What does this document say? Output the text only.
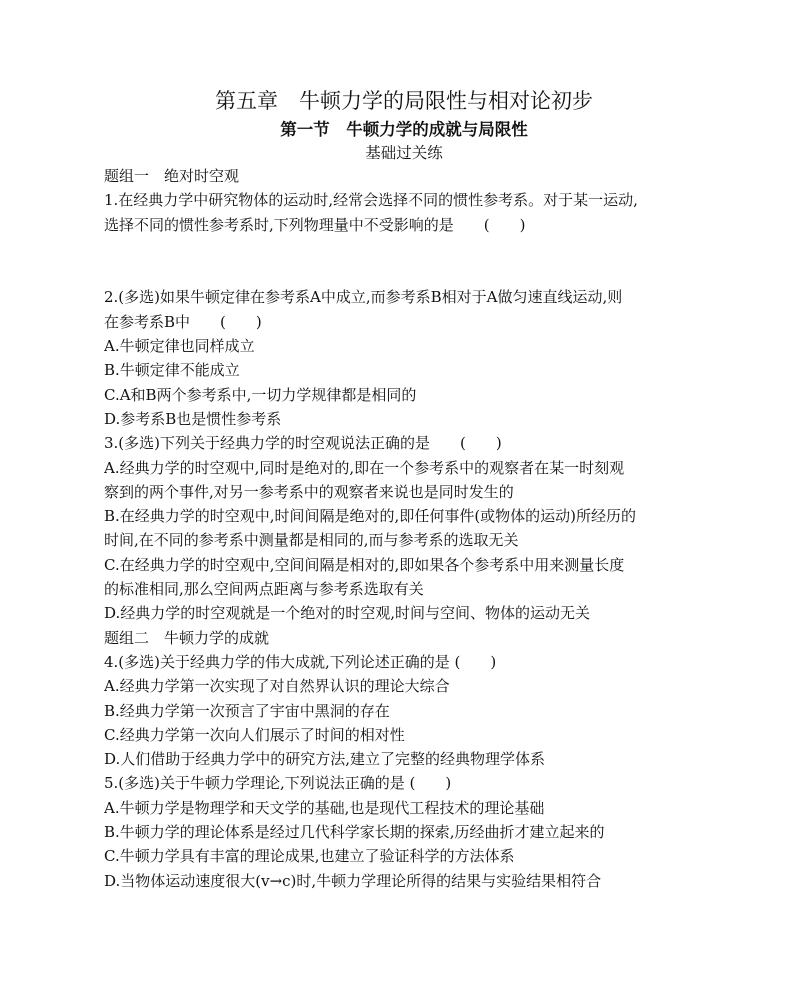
第五章　牛顿力学的局限性与相对论初步
第一节　牛顿力学的成就与局限性
基础过关练
题组一　绝对时空观
1.在经典力学中研究物体的运动时,经常会选择不同的惯性参考系。对于某一运动,
选择不同的惯性参考系时,下列物理量中不受影响的是　　(　　)

2.(多选)如果牛顿定律在参考系A中成立,而参考系B相对于A做匀速直线运动,则
在参考系B中　　(　　)
A.牛顿定律也同样成立
B.牛顿定律不能成立
C.A和B两个参考系中,一切力学规律都是相同的
D.参考系B也是惯性参考系
3.(多选)下列关于经典力学的时空观说法正确的是　　(　　)
A.经典力学的时空观中,同时是绝对的,即在一个参考系中的观察者在某一时刻观
察到的两个事件,对另一参考系中的观察者来说也是同时发生的
B.在经典力学的时空观中,时间间隔是绝对的,即任何事件(或物体的运动)所经历的
时间,在不同的参考系中测量都是相同的,而与参考系的选取无关
C.在经典力学的时空观中,空间间隔是相对的,即如果各个参考系中用来测量长度
的标准相同,那么空间两点距离与参考系选取有关
D.经典力学的时空观就是一个绝对的时空观,时间与空间、物体的运动无关
题组二　牛顿力学的成就
4.(多选)关于经典力学的伟大成就,下列论述正确的是 (　　)
A.经典力学第一次实现了对自然界认识的理论大综合
B.经典力学第一次预言了宇宙中黑洞的存在
C.经典力学第一次向人们展示了时间的相对性
D.人们借助于经典力学中的研究方法,建立了完整的经典物理学体系
5.(多选)关于牛顿力学理论,下列说法正确的是 (　　)
A.牛顿力学是物理学和天文学的基础,也是现代工程技术的理论基础
B.牛顿力学的理论体系是经过几代科学家长期的探索,历经曲折才建立起来的
C.牛顿力学具有丰富的理论成果,也建立了验证科学的方法体系
D.当物体运动速度很大(v→c)时,牛顿力学理论所得的结果与实验结果相符合
